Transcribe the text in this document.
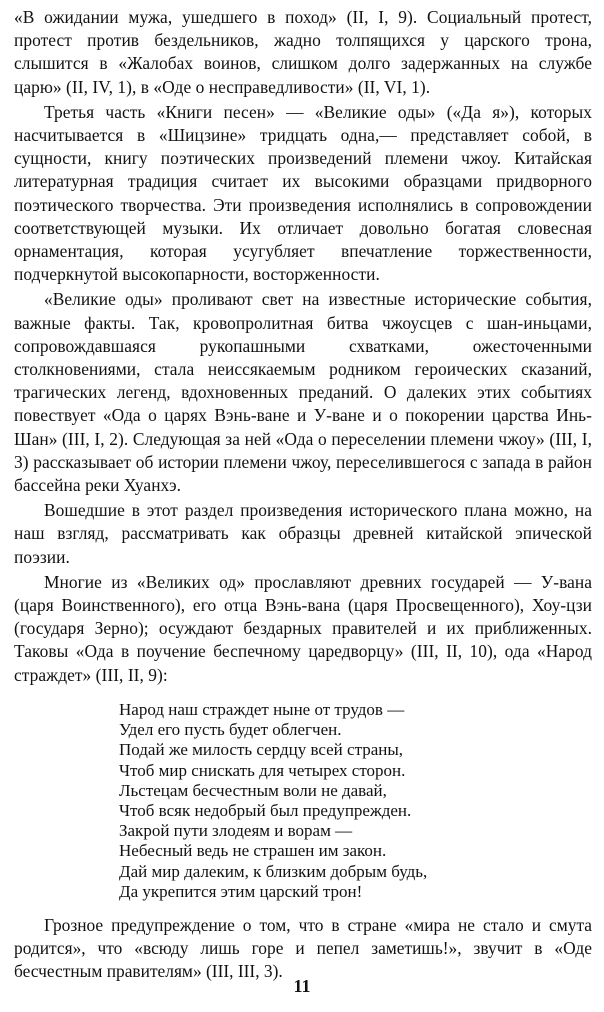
«В ожидании мужа, ушедшего в поход» (II, I, 9). Социальный протест, протест против бездельников, жадно толпящихся у царского трона, слышится в «Жалобах воинов, слишком долго задержанных на службе царю» (II, IV, 1), в «Оде о несправедливости» (II, VI, 1).

Третья часть «Книги песен» — «Великие оды» («Да я»), которых насчитывается в «Шицзине» тридцать одна,— представляет собой, в сущности, книгу поэтических произведений племени чжоу. Китайская литературная традиция считает их высокими образцами придворного поэтического творчества. Эти произведения исполнялись в сопровождении соответствующей музыки. Их отличает довольно богатая словесная орнаментация, которая усугубляет впечатление торжественности, подчеркнутой высокопарности, восторженности.

«Великие оды» проливают свет на известные исторические события, важные факты. Так, кровопролитная битва чжоусцев с шан-иньцами, сопровождавшаяся рукопашными схватками, ожесточенными столкновениями, стала неиссякаемым родником героических сказаний, трагических легенд, вдохновенных преданий. О далеких этих событиях повествует «Ода о царях Вэнь-ване и У-ване и о покорении царства Инь-Шан» (III, I, 2). Следующая за ней «Ода о переселении племени чжоу» (III, I, 3) рассказывает об истории племени чжоу, переселившегося с запада в район бассейна реки Хуанхэ.

Вошедшие в этот раздел произведения исторического плана можно, на наш взгляд, рассматривать как образцы древней китайской эпической поэзии.

Многие из «Великих од» прославляют древних государей — У-вана (царя Воинственного), его отца Вэнь-вана (царя Просвещенного), Хоу-цзи (государя Зерно); осуждают бездарных правителей и их приближенных. Таковы «Ода в поучение беспечному царедворцу» (III, II, 10), ода «Народ страждет» (III, II, 9):

Народ наш страждет ныне от трудов —
Удел его пусть будет облегчен.
Подай же милость сердцу всей страны,
Чтоб мир снискать для четырех сторон.
Льстецам бесчестным воли не давай,
Чтоб всяк недобрый был предупрежден.
Закрой пути злодеям и ворам —
Небесный ведь не страшен им закон.
Дай мир далеким, к близким добрым будь,
Да укрепится этим царский трон!

Грозное предупреждение о том, что в стране «мира не стало и смута родится», что «всюду лишь горе и пепел заметишь!», звучит в «Оде бесчестным правителям» (III, III, 3).

11
